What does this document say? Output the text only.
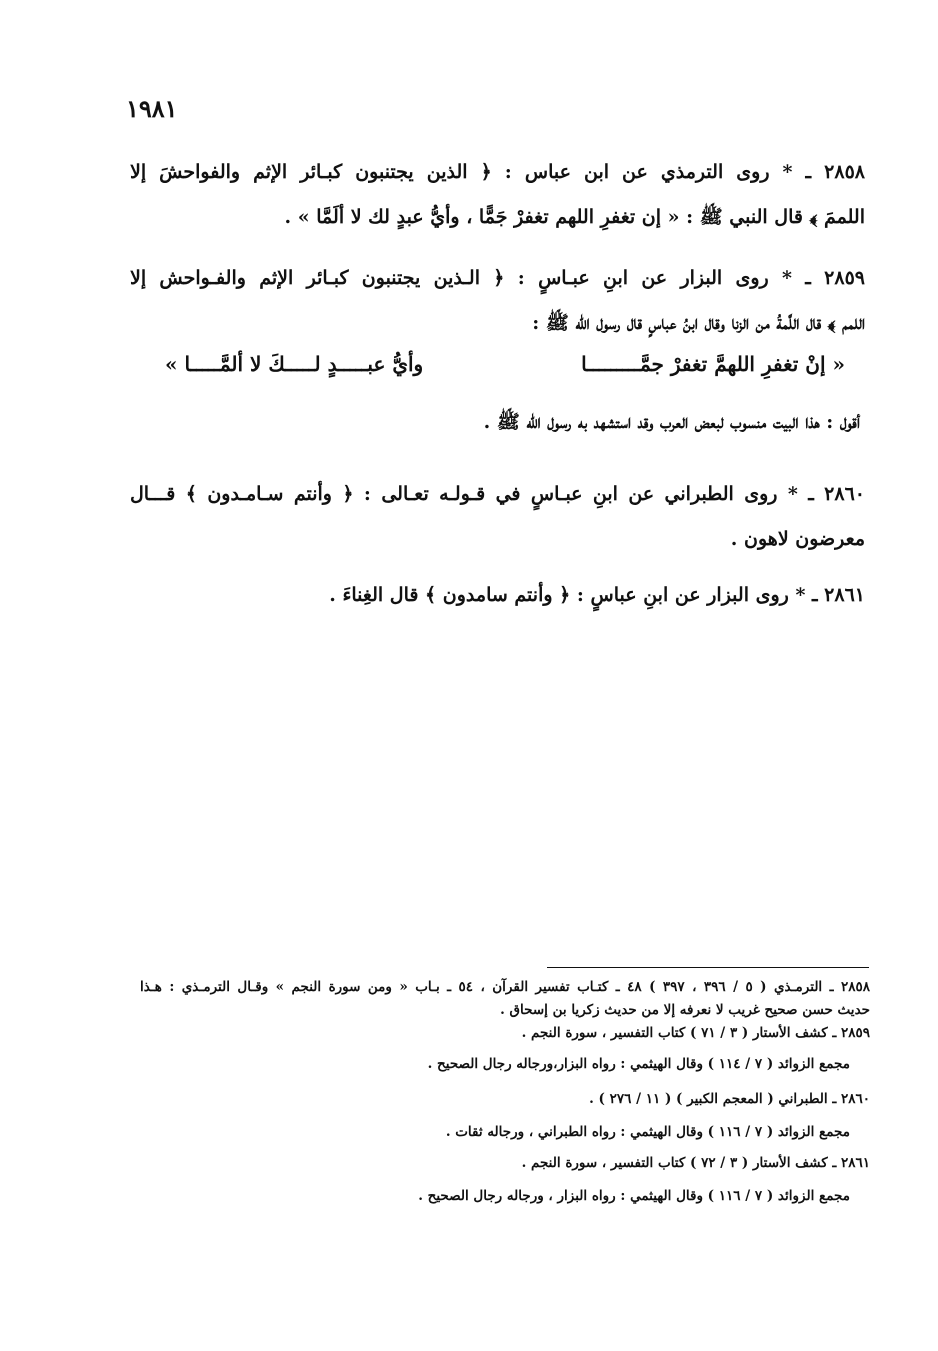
١٩٨١
٢٨٥٨ ـ * روى الترمذي عن ابن عباس : ﴿ الذين يجتنبون كبـائر الإثم والفواحشَ إلا
اللممَ ﴾ قال النبي ﷺ : « إن تغفرِ اللهم تغفرْ جَمًّا ، وأيُّ عبدٍ لك لا ألَمَّا » .
٢٨٥٩ ـ * روى البزار عن ابنِ عبـاسٍ : ﴿ الـذين يجتنبون كبـائر الإثم والفـواحش إلا
اللمم ﴾ قال اللَّمةُ من الزنا وقال ابنُ عباسٍ قال رسول الله ﷺ :
« إنْ تغفرِ اللهمَّ تغفرْ جمَّـــــــــا
وأيُّ عبـــــدٍ لـــــكَ لا ألمَّـــــا »
أقول : هذا البيت منسوب لبعض العرب وقد استشهد به رسول الله ﷺ .
٢٨٦٠ ـ * روى الطبراني عن ابنِ عبـاسٍ في قـولـه تعـالى : ﴿ وأنتم سـامـدون ﴾ قـــال
معرضون لاهون .
٢٨٦١ ـ * روى البزار عن ابنِ عباسٍ : ﴿ وأنتم سامدون ﴾ قال الغِناءَ .
٢٨٥٨ ـ الترمـذي ( ٥ / ٣٩٦ ، ٣٩٧ ) ٤٨ ـ كتـاب تفسير القرآن ، ٥٤ ـ بـاب « ومن سورة النجم » وقـال الترمـذي : هـذا
حديث حسن صحيح غريب لا نعرفه إلا من حديث زكريا بن إسحاق .
٢٨٥٩ ـ كشف الأستار ( ٣ / ٧١ ) كتاب التفسير ، سورة النجم .
مجمع الزوائد ( ٧ / ١١٤ ) وقال الهيثمي : رواه البزار،ورجاله رجال الصحيح .
٢٨٦٠ ـ الطبراني ( المعجم الكبير ) ( ١١ / ٢٧٦ ) .
مجمع الزوائد ( ٧ / ١١٦ ) وقال الهيثمي : رواه الطبراني ، ورجاله ثقات .
٢٨٦١ ـ كشف الأستار ( ٣ / ٧٢ ) كتاب التفسير ، سورة النجم .
مجمع الزوائد ( ٧ / ١١٦ ) وقال الهيثمي : رواه البزار ، ورجاله رجال الصحيح .
